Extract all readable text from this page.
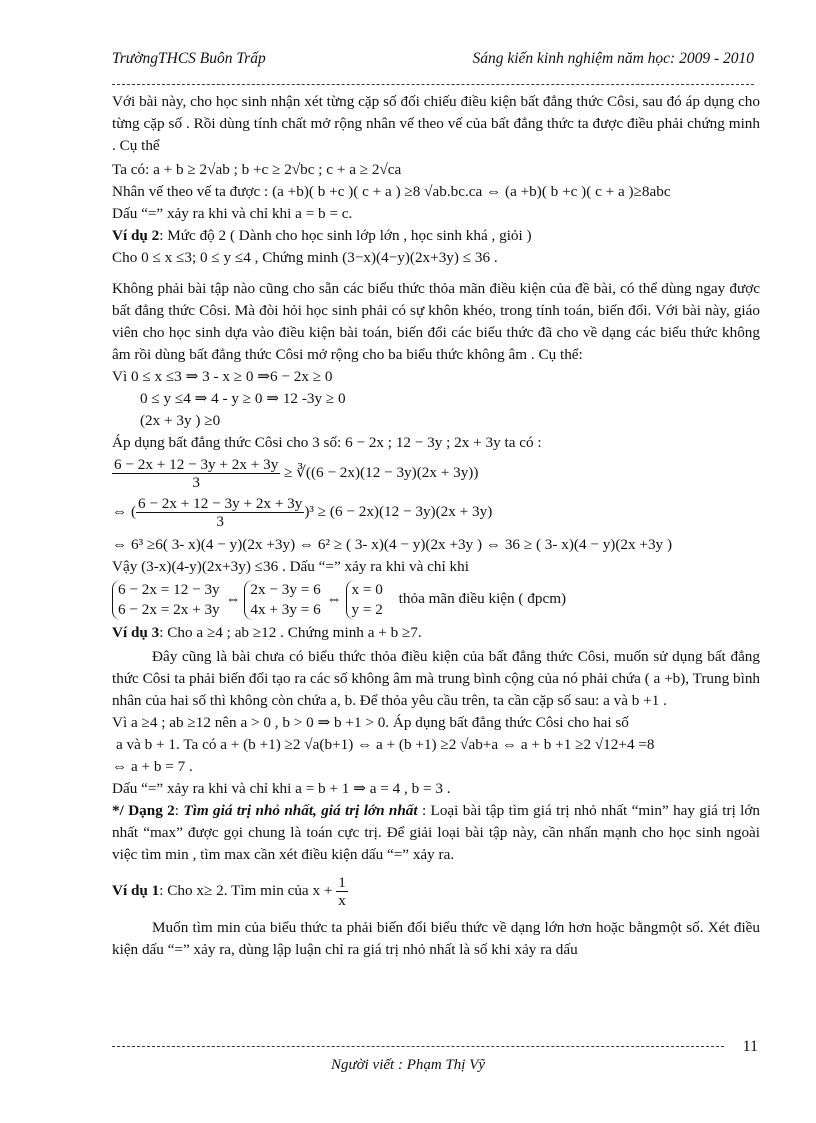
TrườngTHCS Buôn Trấp	Sáng kiến kinh nghiệm năm học: 2009 - 2010

Với bài này, cho học sinh nhận xét từng cặp số đối chiếu điều kiện bất đẳng thức Côsi, sau đó áp dụng cho từng cặp số . Rồi dùng tính chất mở rộng nhân vế theo vế của bất đẳng thức ta được điều phải chứng minh . Cụ thể

Ta có: a + b ≥ 2√ab ; b +c ≥ 2√bc ; c + a ≥ 2√ca

Nhân vế theo vế ta được : (a +b)( b +c )( c + a ) ≥8 √ab.bc.ca ⇔ (a +b)( b +c )( c + a )≥8abc

Dấu “=” xảy ra khi và chỉ khi a = b = c.

Ví dụ 2: Mức độ 2 ( Dành cho học sinh lớp lớn , học sinh khá , giỏi )

Cho 0 ≤ x ≤3; 0 ≤ y ≤4 , Chứng minh (3−x)(4−y)(2x+3y) ≤ 36 .

Không phải bài tập nào cũng cho sẵn các biểu thức thỏa mãn điều kiện của đề bài, có thể dùng ngay được bất đẳng thức Côsi. Mà đòi hỏi học sinh phải có sự khôn khéo, trong tính toán, biến đổi. Với bài này, giáo viên cho học sinh dựa vào điều kiện bài toán, biến đổi các biểu thức đã cho về dạng các biểu thức không âm rồi dùng bất đẳng thức Côsi mở rộng cho ba biểu thức không âm . Cụ thể:

Vì 0 ≤ x ≤3 ⇒ 3 - x ≥ 0 ⇒6 − 2x ≥ 0

0 ≤ y ≤4 ⇒ 4 - y ≥ 0 ⇒ 12 -3y ≥ 0

(2x + 3y ) ≥0

Áp dụng bất đẳng thức Côsi cho 3 số: 6 − 2x ; 12 − 3y ; 2x + 3y ta có :

$\frac{6 - 2x + 12 - 3y + 2x + 3y}{3}$ ≥ ∛((6 − 2x)(12 − 3y)(2x + 3y))

⇔ ( $\frac{6 - 2x + 12 - 3y + 2x + 3y}{3} )^3 \ge (6 - 2x)(12 - 3y)(2x + 3y)$

⇔ 6³ ≥6( 3- x)(4 − y)(2x +3y) ⇔ 6² ≥ ( 3- x)(4 − y)(2x +3y ) ⇔ 36 ≥ ( 3- x)(4 − y)(2x +3y )

Vậy (3-x)(4-y)(2x+3y) ≤36 . Dấu “=” xảy ra khi và chỉ khi

6 − 2x = 12 − 3y
6 − 2x = 2x + 3y ⇔ 2x − 3y = 6
4x + 3y = 6 ⇔ x = 0
y = 2 thỏa mãn điều kiện ( đpcm)

Ví dụ 3: Cho a ≥4 ; ab ≥12 . Chứng minh a + b ≥7.

Đây cũng là bài chưa có biểu thức thỏa điều kiện của bất đẳng thức Côsi, muốn sử dụng bất đẳng thức Côsi ta phải biến đổi tạo ra các số không âm mà trung bình cộng của nó phải chứa ( a +b), Trung bình nhân của hai số thì không còn chứa a, b. Để thỏa yêu cầu trên, ta cần cặp số sau: a và b +1 .

Vì a ≥4 ; ab ≥12 nên a > 0 , b > 0 ⇒ b +1 > 0. Áp dụng bất đẳng thức Côsi cho hai số

a và b + 1. Ta có a + (b +1) ≥2 √a(b+1) ⇔ a + (b +1) ≥2 √ab+a ⇔ a + b +1 ≥2 √12+4 =8

⇔ a + b = 7 .

Dấu “=” xảy ra khi và chỉ khi a = b + 1 ⇒ a = 4 , b = 3 .

*/ Dạng 2: Tìm giá trị nhỏ nhất, giá trị lớn nhất : Loại bài tập tìm giá trị nhỏ nhất “min” hay giá trị lớn nhất “max” được gọi chung là toán cực trị. Để giải loại bài tập này, cần nhấn mạnh cho học sinh ngoài việc tìm min , tìm max cần xét điều kiện dấu “=” xảy ra.

Ví dụ 1: Cho x≥ 2. Tìm min của $x + \frac{1}{x}$

Muốn tìm min của biểu thức ta phải biến đổi biểu thức về dạng lớn hơn hoặc bằngmột số. Xét điều kiện dấu “=” xảy ra, dùng lập luận chỉ ra giá trị nhỏ nhất là số khi xảy ra dấu

11
Người viết : Phạm Thị Vỹ
